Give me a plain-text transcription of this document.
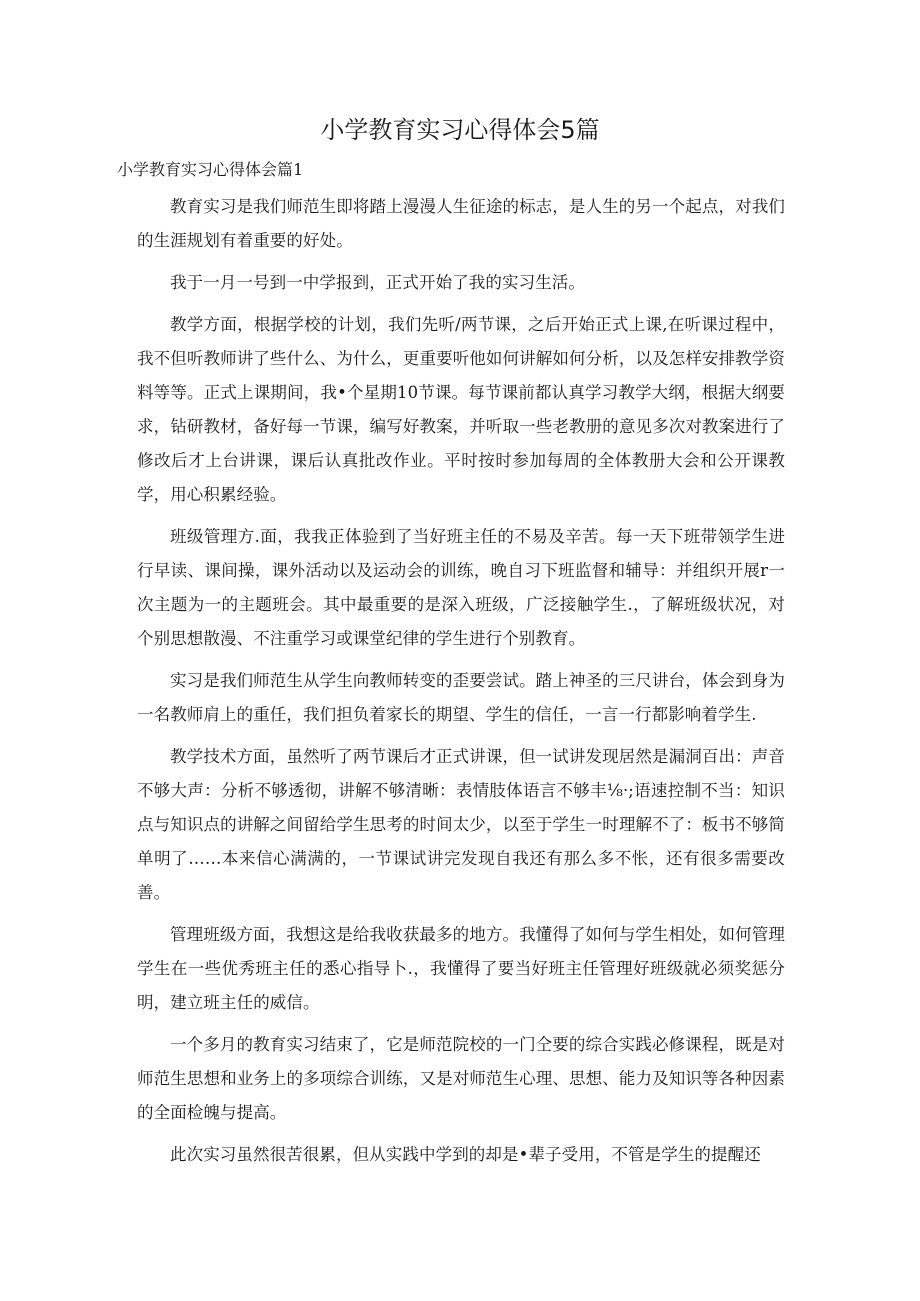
小学教育实习心得体会5篇
小学教育实习心得体会篇1

教育实习是我们师范生即将踏上漫漫人生征途的标志，是人生的另一个起点，对我们的生涯规划有着重要的好处。

我于一月一号到一中学报到，正式开始了我的实习生活。

教学方面，根据学校的计划，我们先听/两节课，之后开始正式上课,在听课过程中，我不但听教师讲了些什么、为什么，更重要听他如何讲解如何分析，以及怎样安排教学资料等等。正式上课期间，我•个星期10节课。每节课前都认真学习教学大纲，根据大纲要求，钻研教材，备好每一节课，编写好教案，并听取一些老教册的意见多次对教案进行了修改后才上台讲课，课后认真批改作业。平时按时参加每周的全体教册大会和公开课教学，用心积累经验。

班级管理方.面，我我正体验到了当好班主任的不易及辛苦。每一天下班带领学生进行早读、课间操，课外活动以及运动会的训练，晚自习下班监督和辅导：并组织开展r一次主题为一的主题班会。其中最重要的是深入班级，广泛接触学生.，了解班级状况，对个别思想散漫、不注重学习或课堂纪律的学生进行个别教育。

实习是我们师范生从学生向教师转变的歪要尝试。踏上神圣的三尺讲台，体会到身为一名教师肩上的重任，我们担负着家长的期望、学生的信任，一言一行都影响着学生.

教学技术方面，虽然听了两节课后才正式讲课，但一试讲发现居然是漏洞百出：声音不够大声：分析不够透彻，讲解不够清晰：表情肢体语言不够丰⅛·;语速控制不当：知识点与知识点的讲解之间留给学生思考的时间太少，以至于学生一时理解不了：板书不够简单明了……本来信心满满的，一节课试讲完发现自我还有那么多不怅，还有很多需要改善。

管理班级方面，我想这是给我收获最多的地方。我懂得了如何与学生相处，如何管理学生在一些优秀班主任的悉心指导卜.，我懂得了要当好班主任管理好班级就必须奖惩分明，建立班主任的威信。

一个多月的教育实习结束了，它是师范院校的一门仝要的综合实践必修课程，既是对师范生思想和业务上的多项综合训练，又是对师范生心理、思想、能力及知识等各种因素的全面检魄与提高。

此次实习虽然很苦很累，但从实践中学到的却是•辈子受用，不管是学生的提醒还
